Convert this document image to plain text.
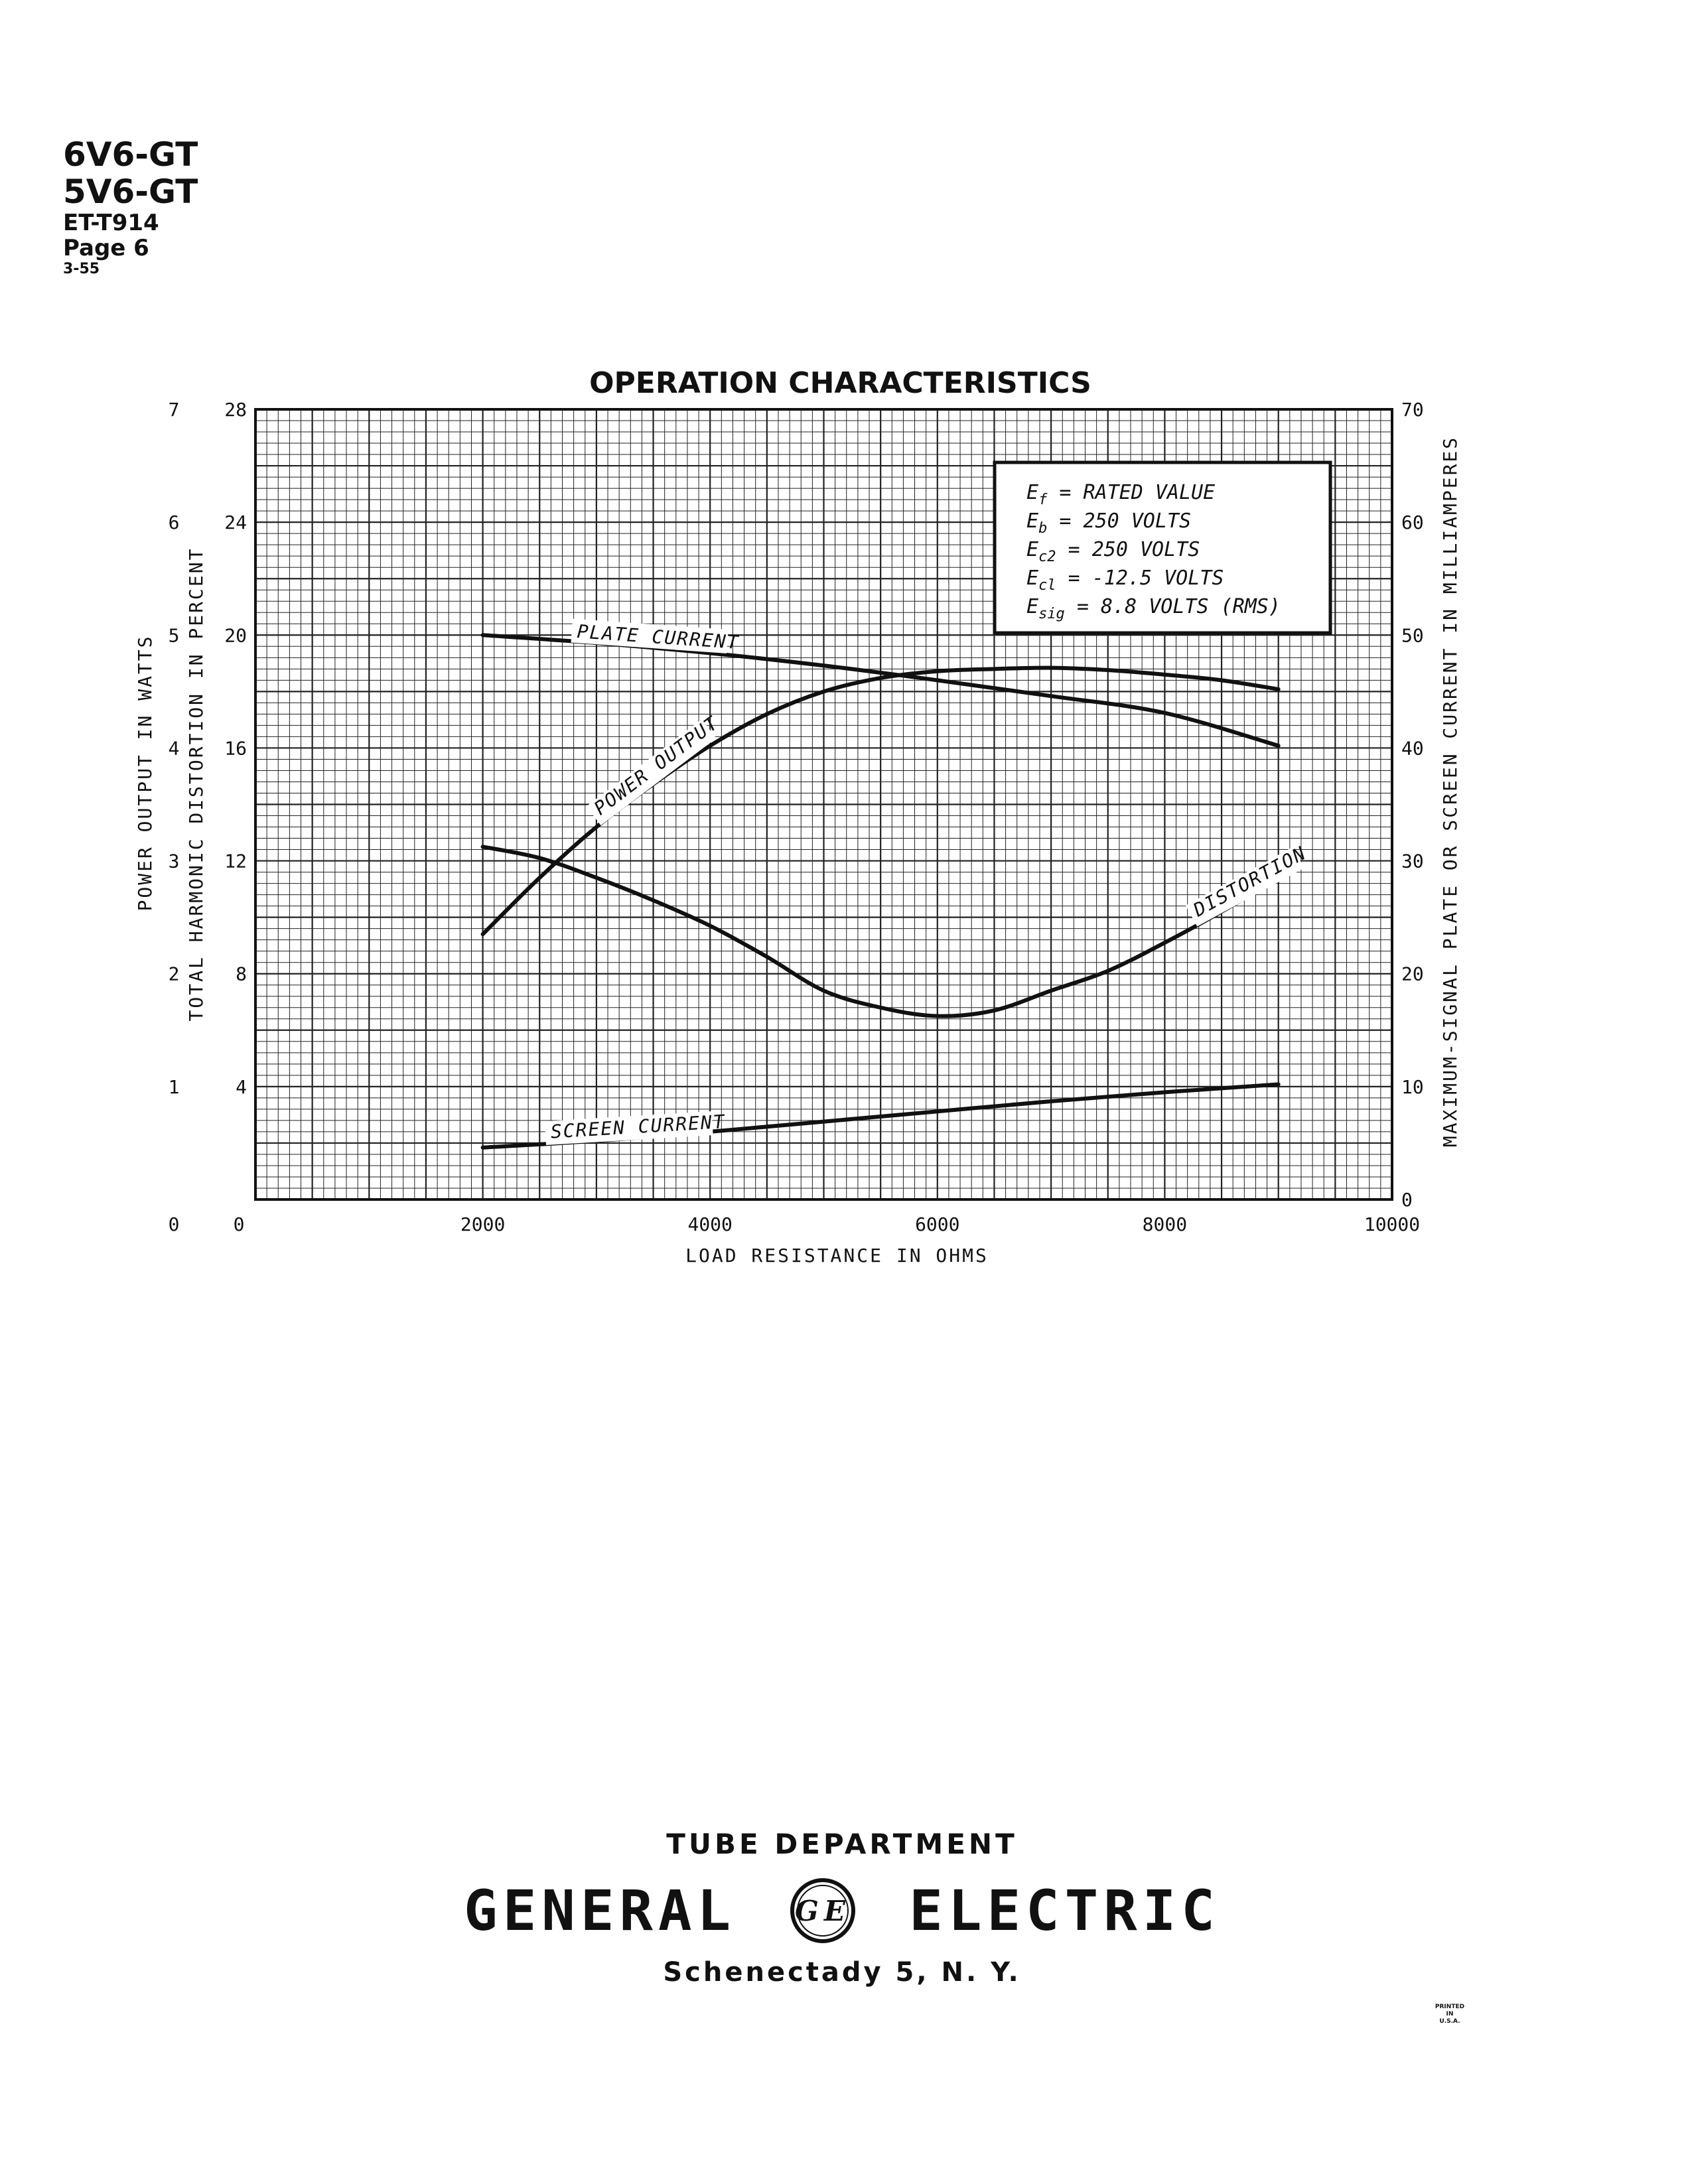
6V6-GT
5V6-GT
ET-T914
Page 6
3-55
OPERATION CHARACTERISTICS
0	2000	4000	6000	8000	10000
LOAD RESISTANCE IN OHMS
0
1
2
3
4
5
6
7
4
8
12
16
20
24
28
0
10
20
30
40
50
60
70
POWER OUTPUT IN WATTS TOTAL HARMONIC DISTORTION IN PERCENT	MAXIMUM-SIGNAL PLATE OR SCREEN CURRENT IN MILLIAMPERES
$E_f$ = RATED VALUE
$E_b = 250$ VOLTS
$E_{c2} = 250$ VOLTS
$E_{cl} = -12.5$ VOLTS
$E_{sig} = 8.8$ VOLTS (RMS)
PLATE CURRENT
POWER OUTPUT
DISTORTION
SCREEN CURRENT
TUBE DEPARTMENT
GENERAL GE ELECTRIC
Schenectady 5, N. Y.
PRINTED
IN
U.S.A.
